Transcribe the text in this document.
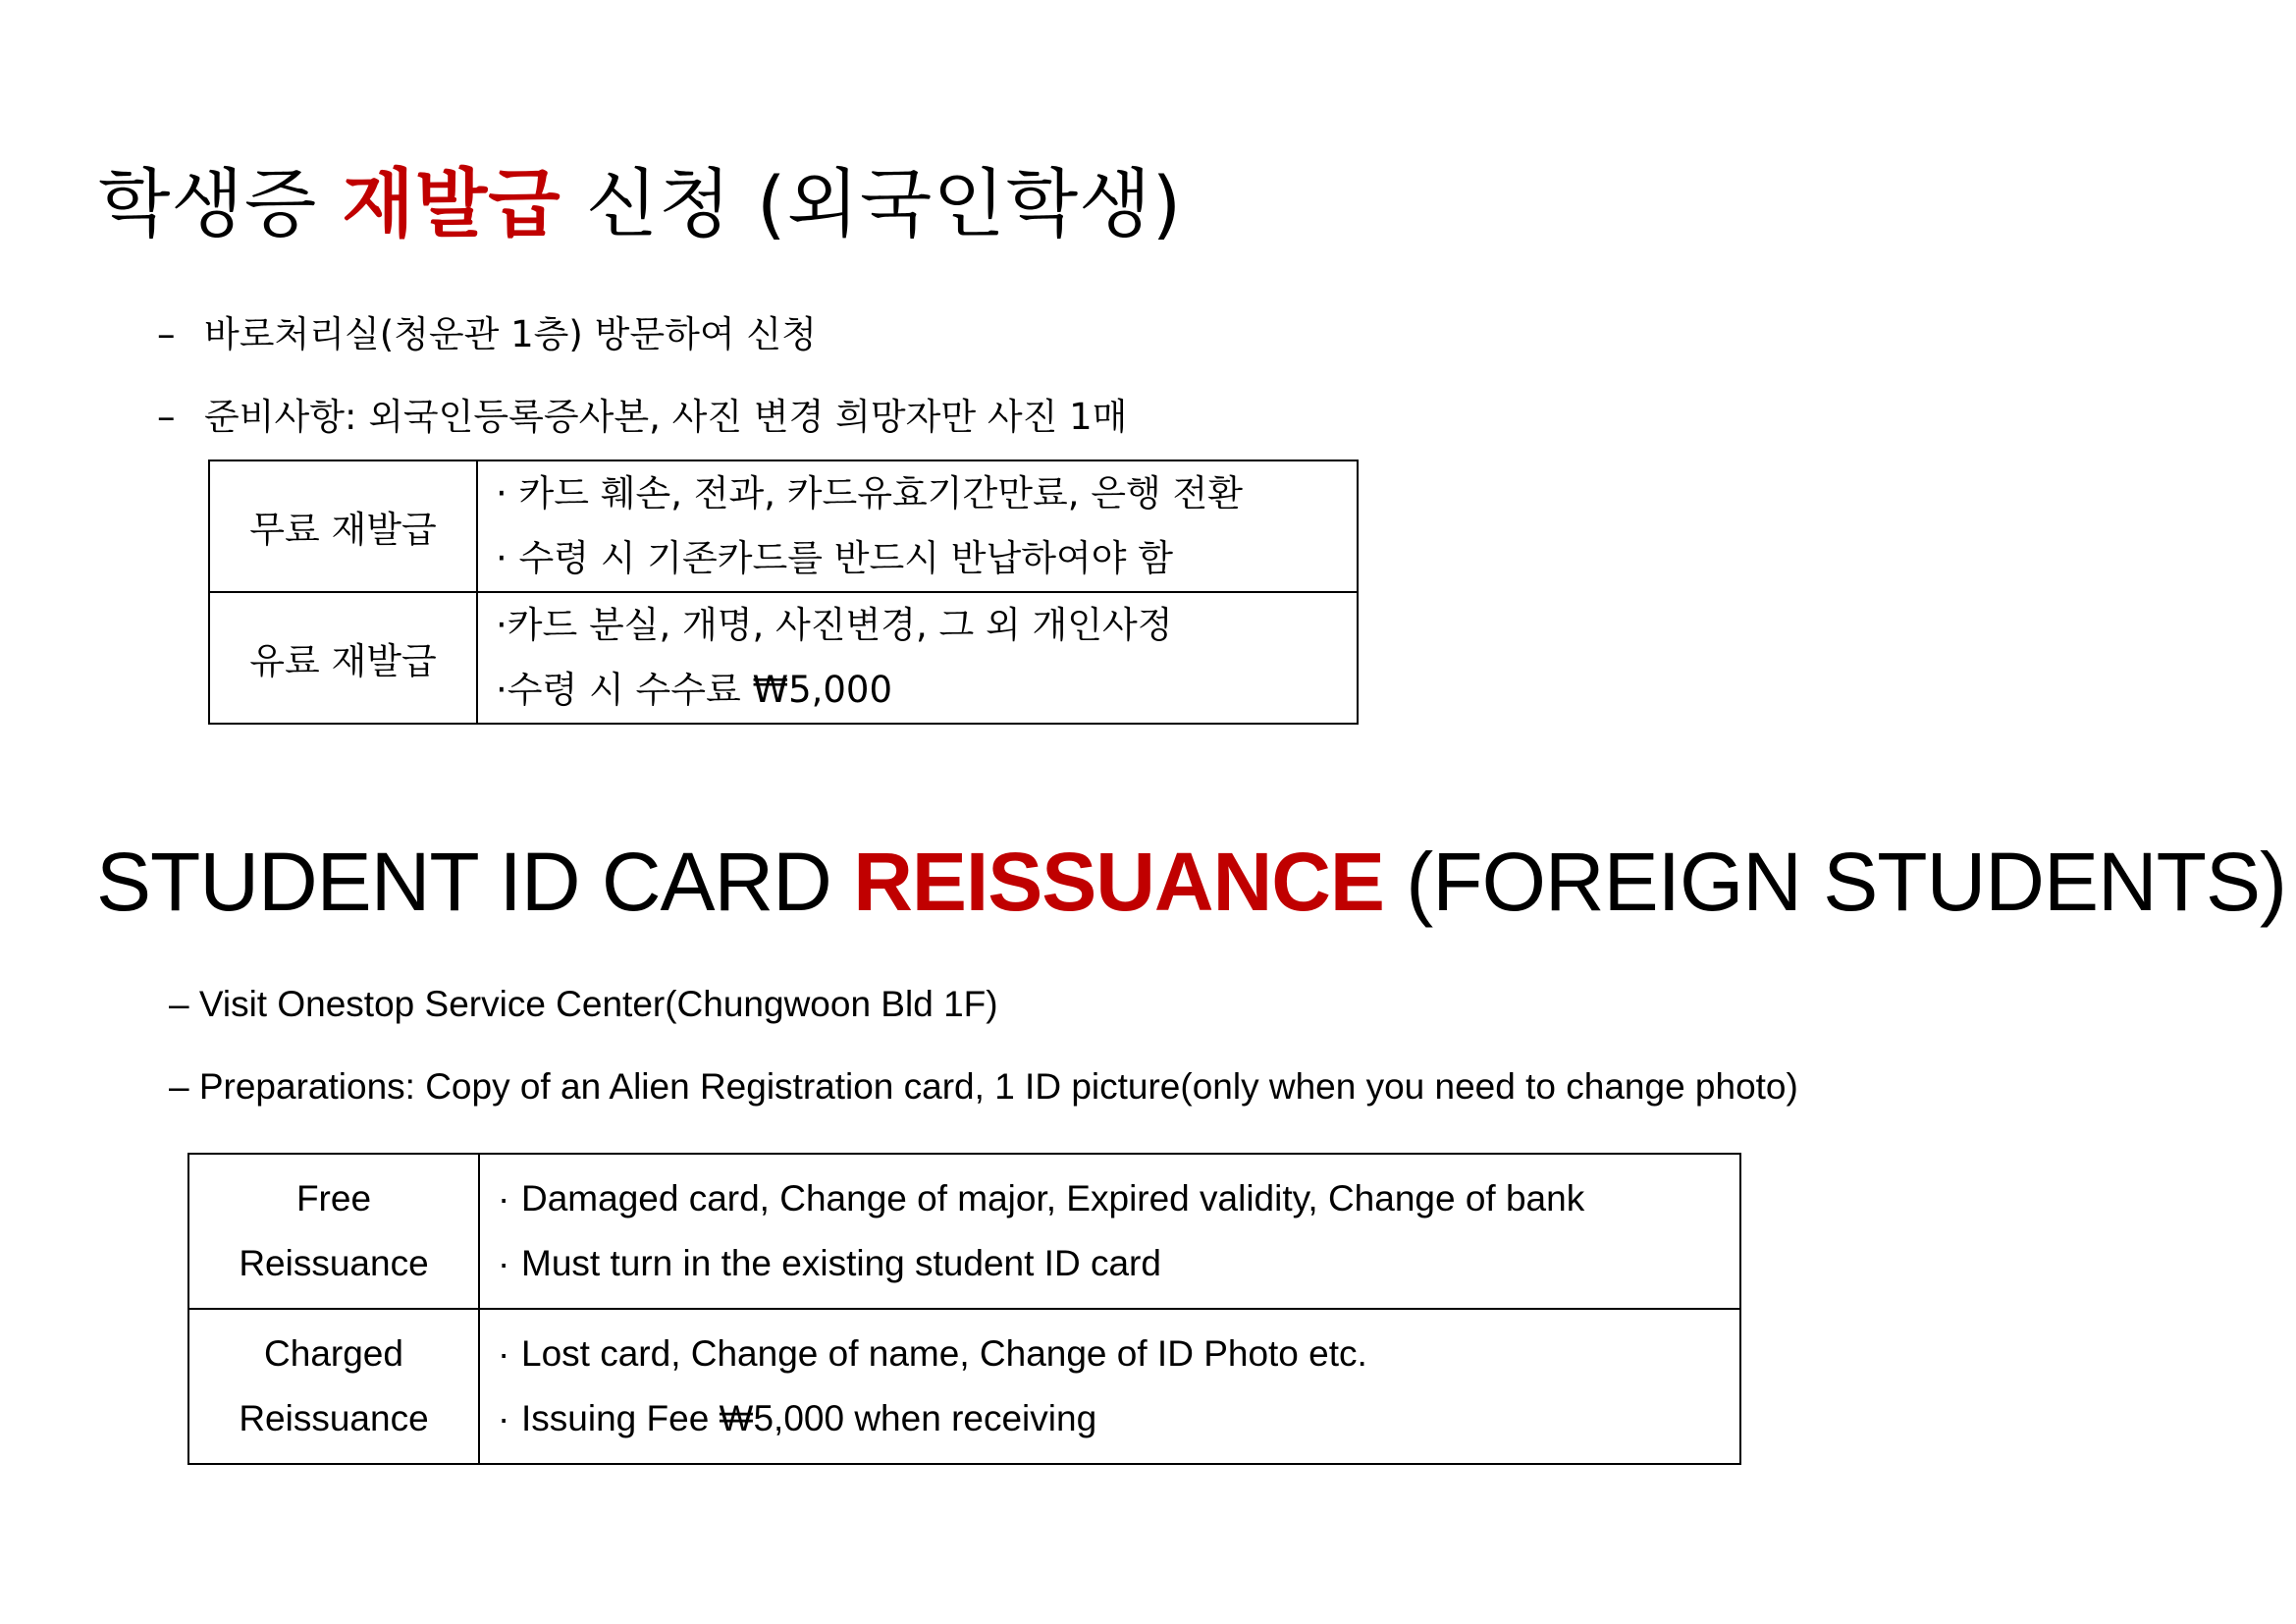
학생증 재발급 신청 (외국인학생)
– 바로처리실(청운관 1층) 방문하여 신청
– 준비사항: 외국인등록증사본, 사진 변경 희망자만 사진 1매
무료 재발급	· 카드 훼손, 전과, 카드유효기간만료, 은행 전환
· 수령 시 기존카드를 반드시 반납하여야 함

유료 재발급	·카드 분실, 개명, 사진변경, 그 외 개인사정
·수령 시 수수료 ₩5,000
STUDENT ID CARD REISSUANCE (FOREIGN STUDENTS)
– Visit Onestop Service Center(Chungwoon Bld 1F)
– Preparations: Copy of an Alien Registration card, 1 ID picture(only when you need to change photo)
Free
Reissuance	· Damaged card, Change of major, Expired validity, Change of bank
· Must turn in the existing student ID card

Charged
Reissuance	· Lost card, Change of name, Change of ID Photo etc.
· Issuing Fee ₩5,000 when receiving
